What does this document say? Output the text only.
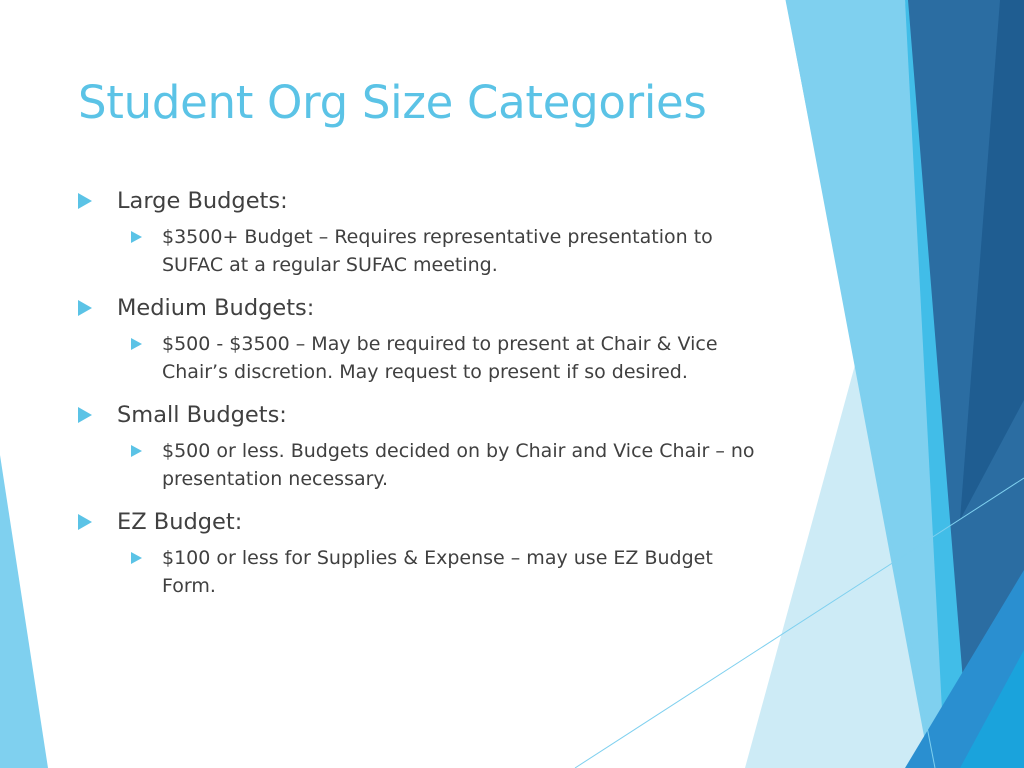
Student Org Size Categories
Large Budgets:
$3500+ Budget – Requires representative presentation to SUFAC at a regular SUFAC meeting.
Medium Budgets:
$500 - $3500 – May be required to present at Chair & Vice Chair’s discretion. May request to present if so desired.
Small Budgets:
$500 or less. Budgets decided on by Chair and Vice Chair – no presentation necessary.
EZ Budget:
$100 or less for Supplies & Expense – may use EZ Budget Form.
